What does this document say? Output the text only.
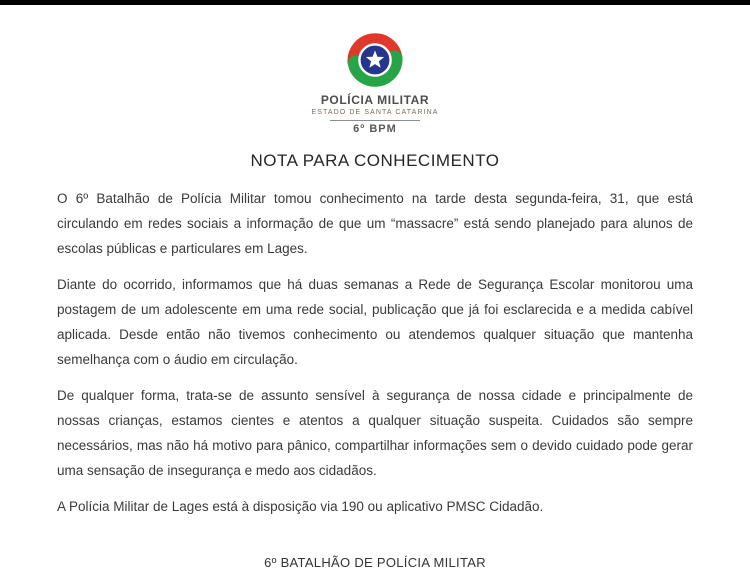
POLÍCIA MILITAR
ESTADO DE SANTA CATARINA
6º BPM
NOTA PARA CONHECIMENTO

O 6º Batalhão de Polícia Militar tomou conhecimento na tarde desta segunda-feira, 31, que está circulando em redes sociais a informação de que um “massacre” está sendo planejado para alunos de escolas públicas e particulares em Lages.

Diante do ocorrido, informamos que há duas semanas a Rede de Segurança Escolar monitorou uma postagem de um adolescente em uma rede social, publicação que já foi esclarecida e a medida cabível aplicada. Desde então não tivemos conhecimento ou atendemos qualquer situação que mantenha semelhança com o áudio em circulação.

De qualquer forma, trata-se de assunto sensível à segurança de nossa cidade e principalmente de nossas crianças, estamos cientes e atentos a qualquer situação suspeita. Cuidados são sempre necessários, mas não há motivo para pânico, compartilhar informações sem o devido cuidado pode gerar uma sensação de insegurança e medo aos cidadãos.

A Polícia Militar de Lages está à disposição via 190 ou aplicativo PMSC Cidadão.

6º BATALHÃO DE POLÍCIA MILITAR
